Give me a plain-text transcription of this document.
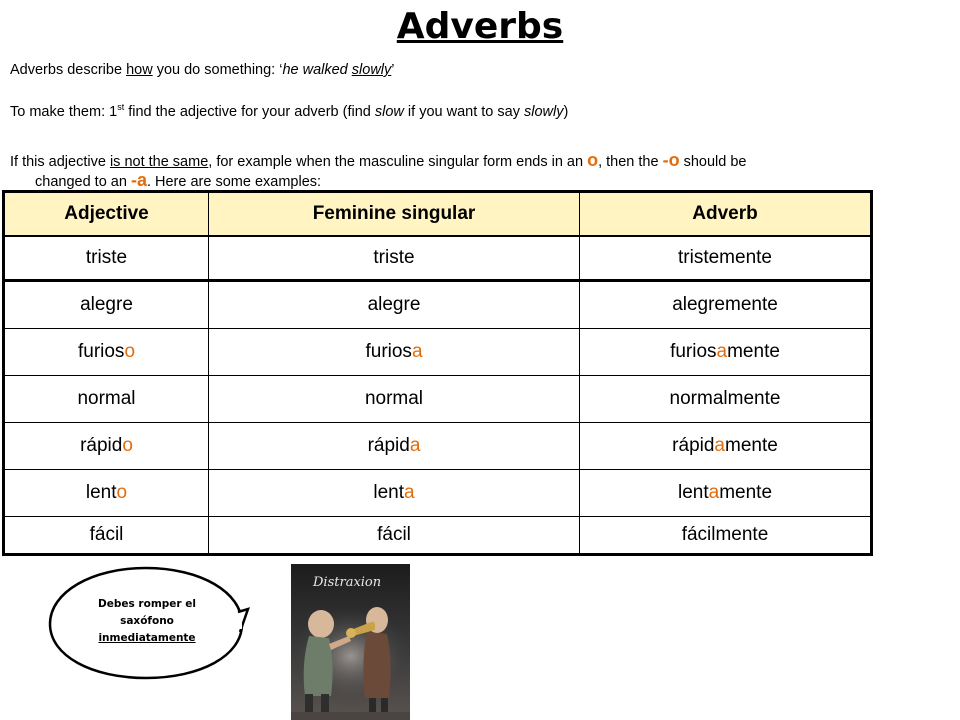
Adverbs
Adverbs describe how you do something: ‘he walked slowly’
To make them: 1st find the adjective for your adverb (find slow if you want to say slowly)
If this adjective is not the same, for example when the masculine singular form ends in an o, then the -o should be
changed to an -a. Here are some examples:
Adjective	Feminine singular	Adverb
triste	triste	tristemente
alegre	alegre	alegremente
furioso	furiosa	furiosamente
normal	normal	normalmente
rápido	rápida	rápidamente
lento	lenta	lentamente
fácil	fácil	fácilmente
Debes romper el
saxófono
inmediatamente
Distraxion
